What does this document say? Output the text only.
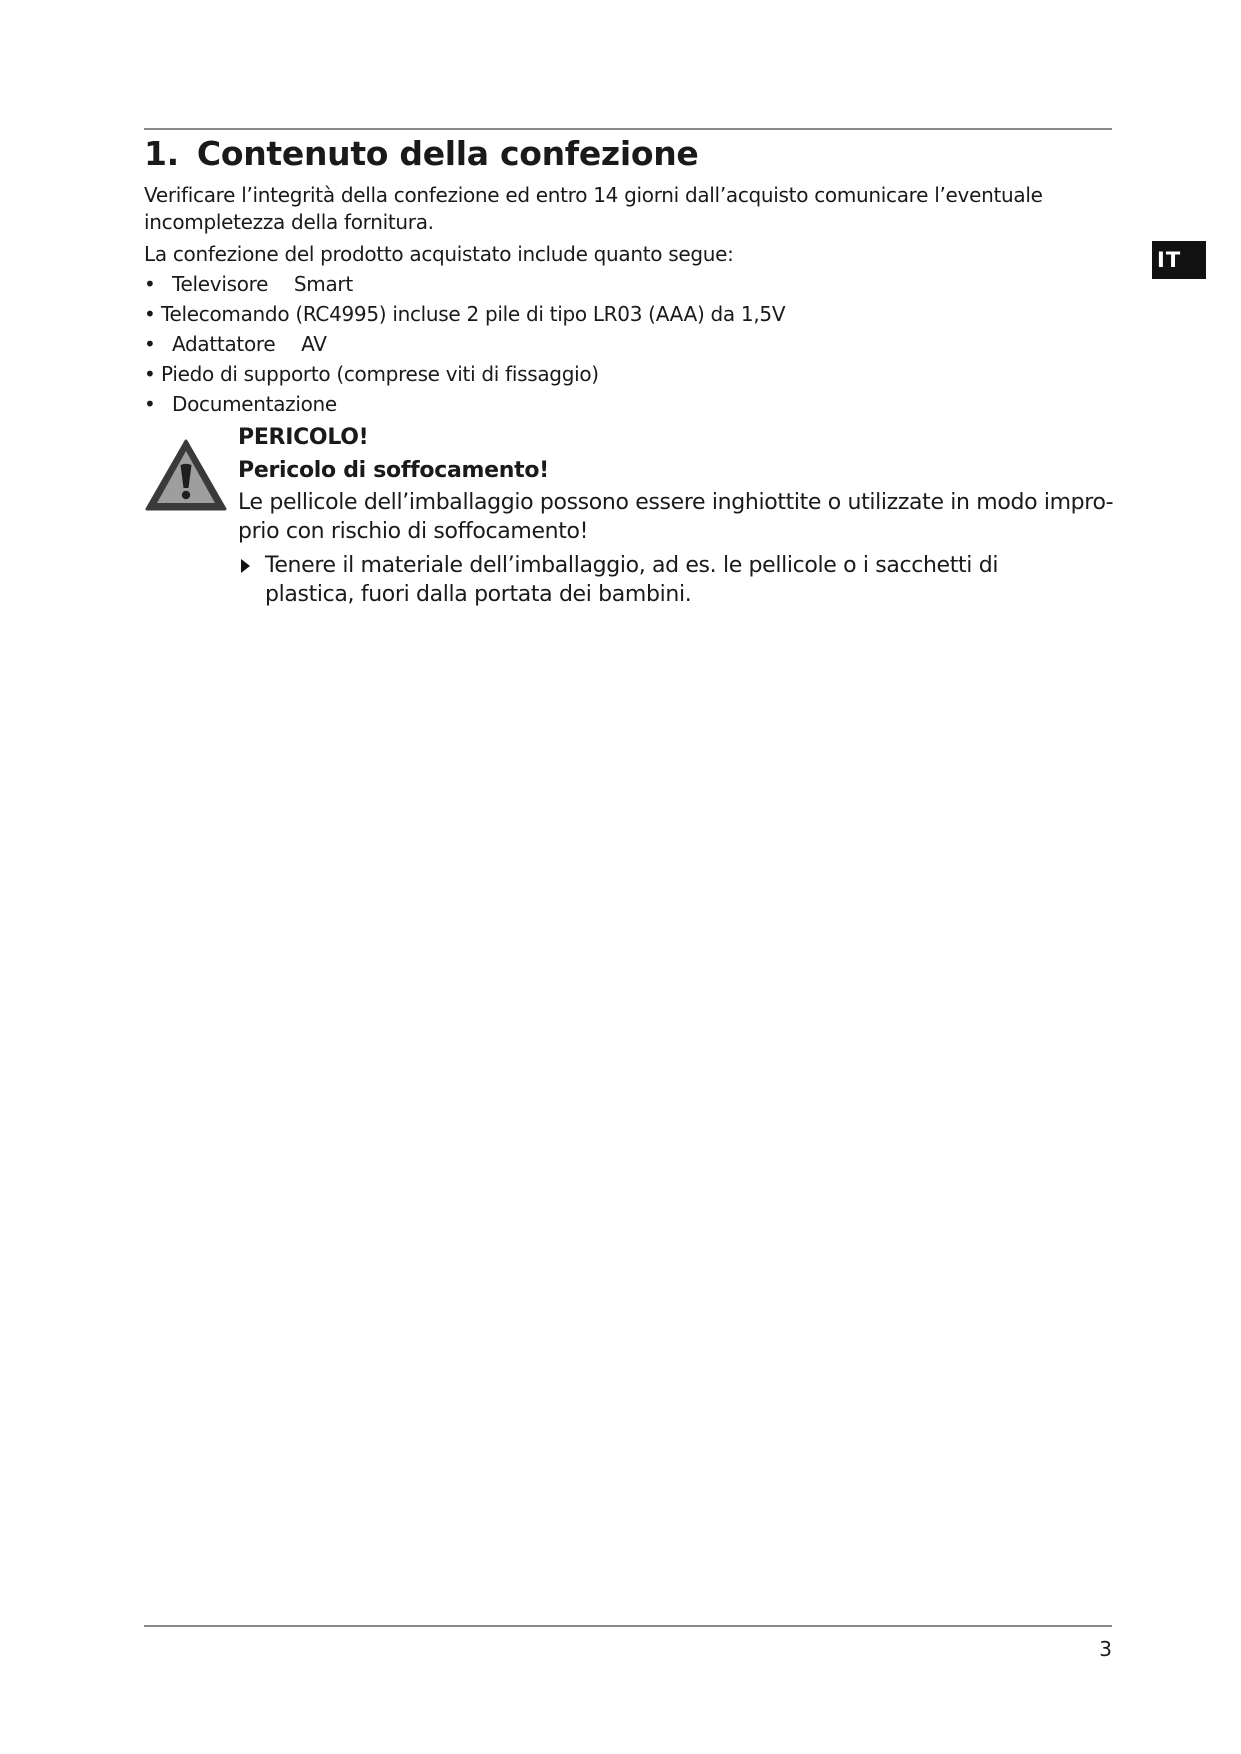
IT
1. Contenuto della confezione

Verificare l’integrità della confezione ed entro 14 giorni dall’acquisto comunicare l’eventuale incompletezza della fornitura.

La confezione del prodotto acquistato include quanto segue:

• Televisore  Smart
• Telecomando (RC4995) incluse 2 pile di tipo LR03 (AAA) da 1,5V
• Adattatore  AV
• Piedo di supporto (comprese viti di fissaggio)
• Documentazione

PERICOLO!

Pericolo di soffocamento!

Le pellicole dell’imballaggio possono essere inghiottite o utilizzate in modo improprio con rischio di soffocamento!

Tenere il materiale dell’imballaggio, ad es. le pellicole o i sacchetti di plastica, fuori dalla portata dei bambini.
3
